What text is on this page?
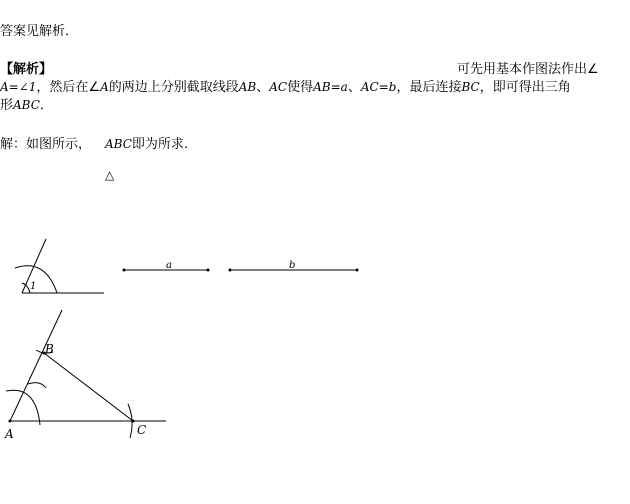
答案见解析．
【解析】	可先用基本作图法作出∠
A=∠1，然后在∠A的两边上分别截取线段AB、AC使得AB=a、AC=b，最后连接BC，即可得出三角
形ABC．
解：如图所示， ABC即为所求.
△
1
a	b
A
B
C
